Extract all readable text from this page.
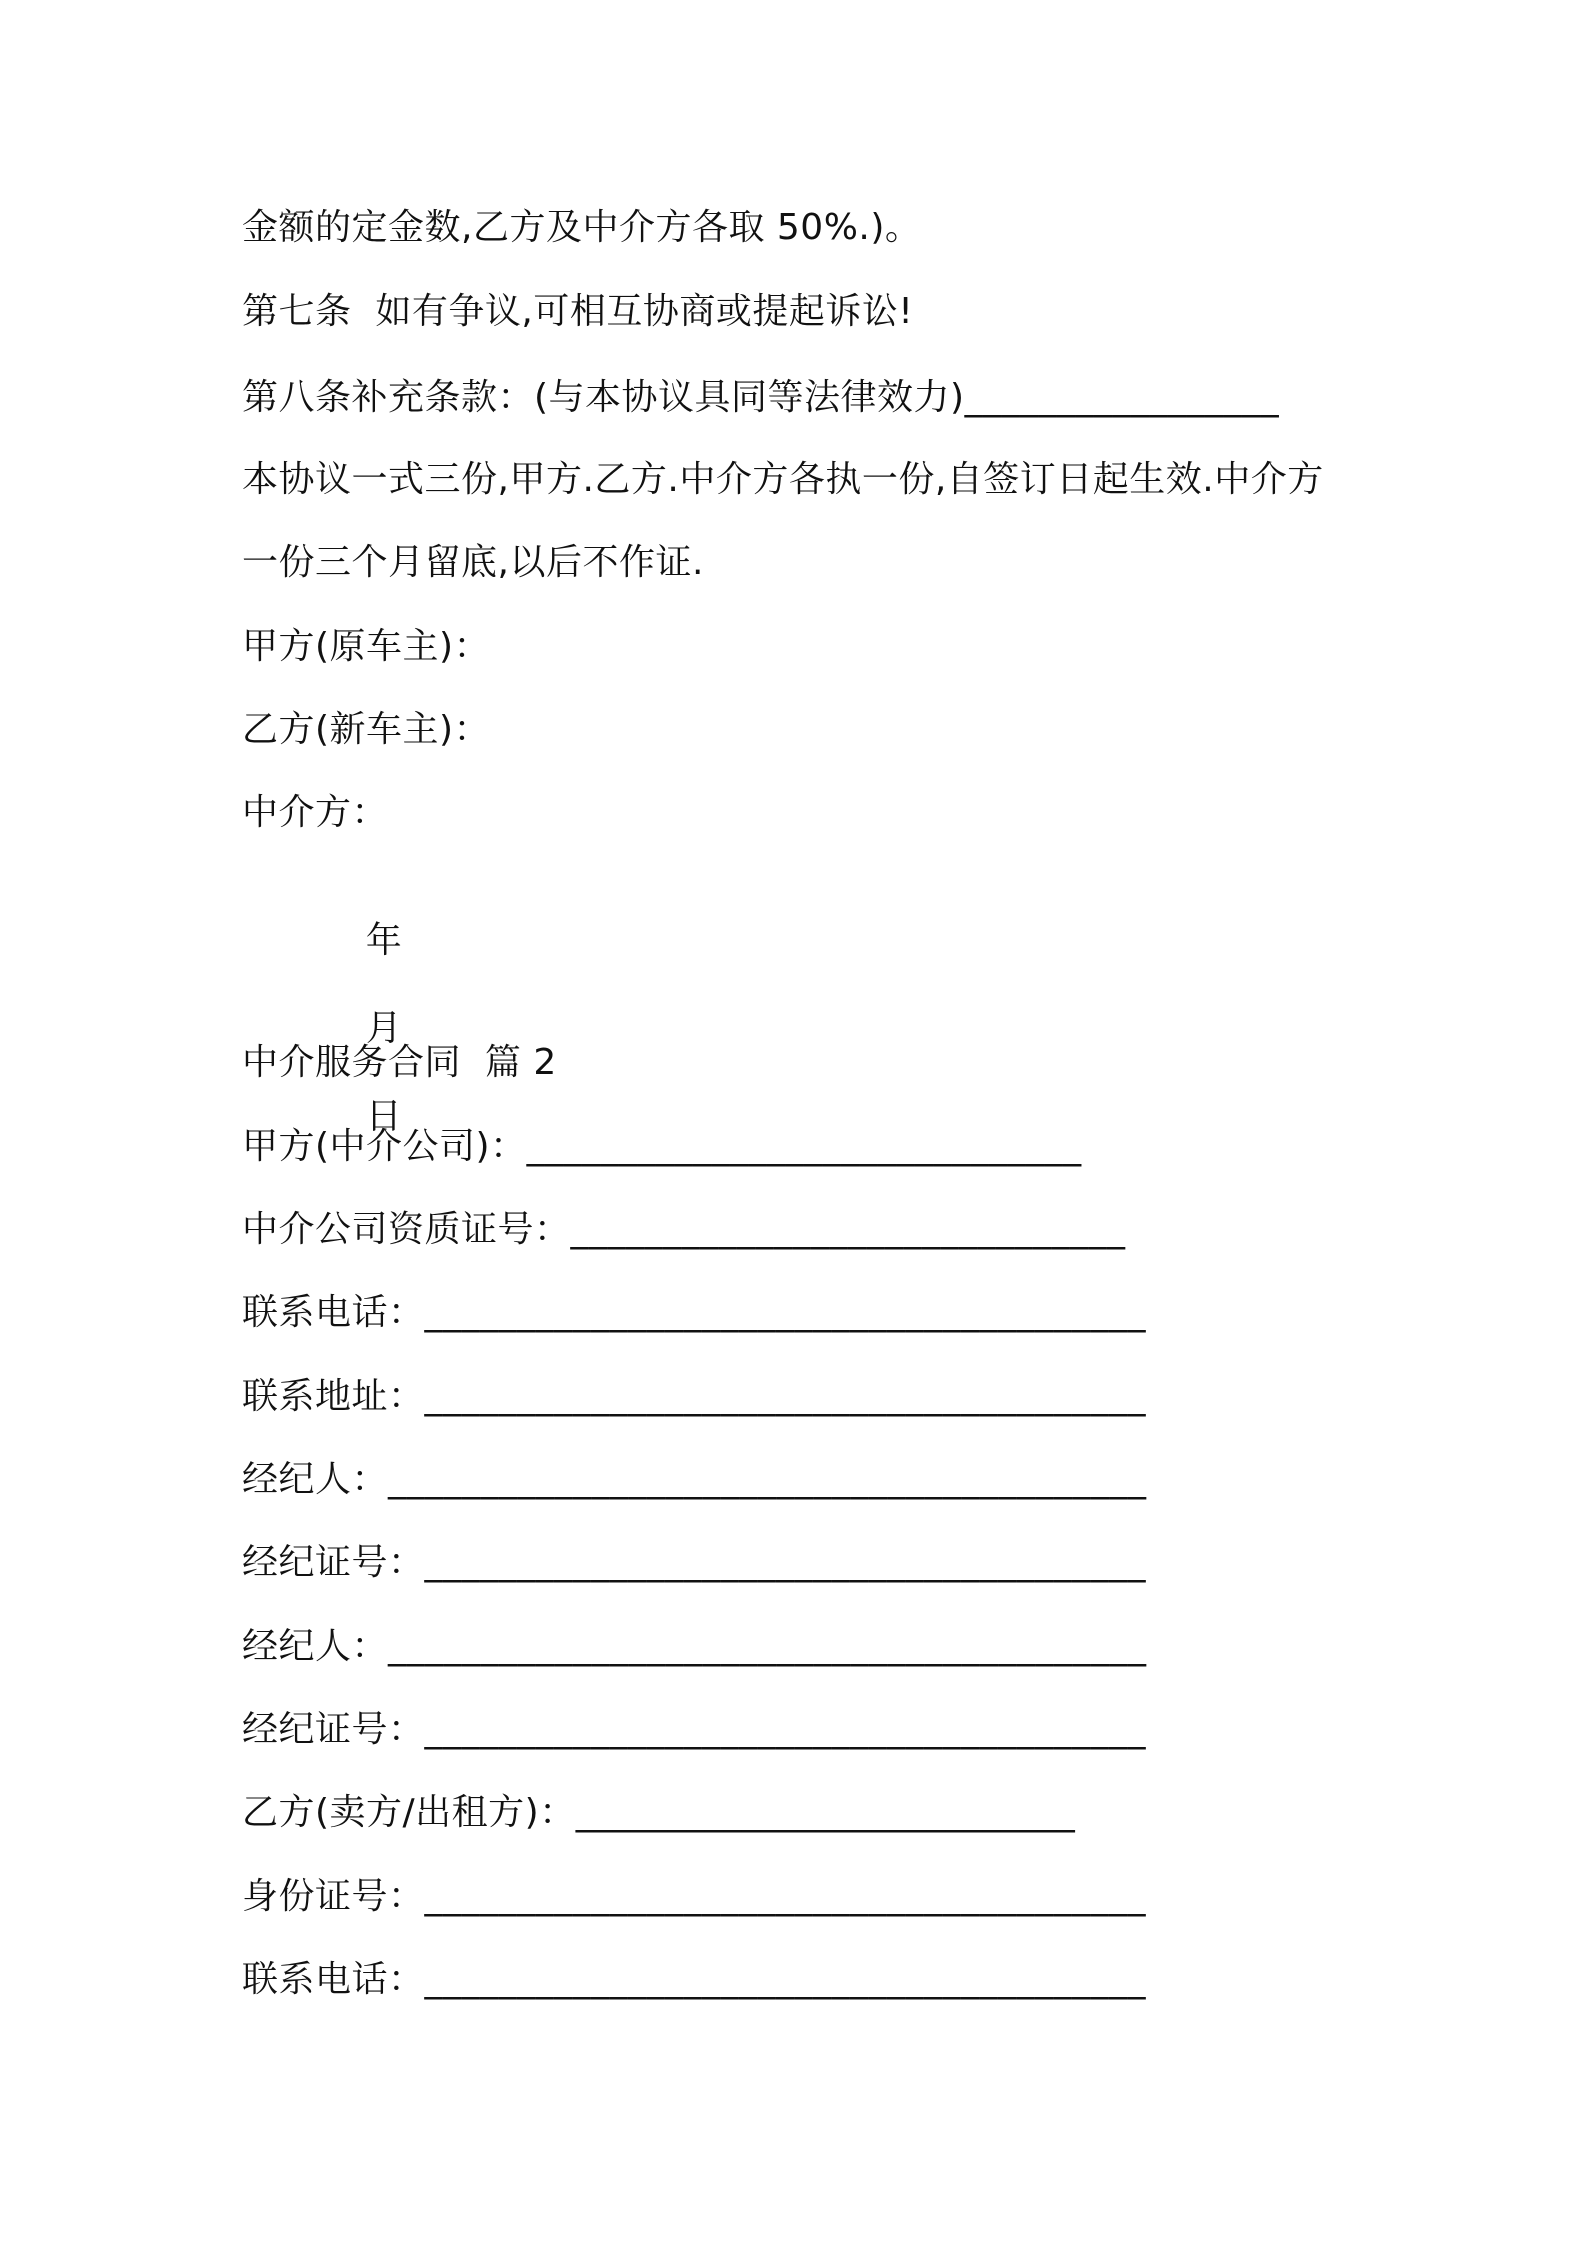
金额的定金数,乙方及中介方各取 50%.)。
第七条  如有争议,可相互协商或提起诉讼!
第八条补充条款：(与本协议具同等法律效力)_________________
本协议一式三份,甲方.乙方.中介方各执一份,自签订日起生效.中介方
一份三个月留底,以后不作证.
甲方(原车主)：
乙方(新车主)：
中介方：

年

月

日

中介服务合同  篇 2
甲方(中介公司)：______________________________
中介公司资质证号：______________________________
联系电话：_______________________________________
联系地址：_______________________________________
经纪人：_________________________________________
经纪证号：_______________________________________
经纪人：_________________________________________
经纪证号：_______________________________________
乙方(卖方/出租方)：___________________________
身份证号：_______________________________________
联系电话：_______________________________________
